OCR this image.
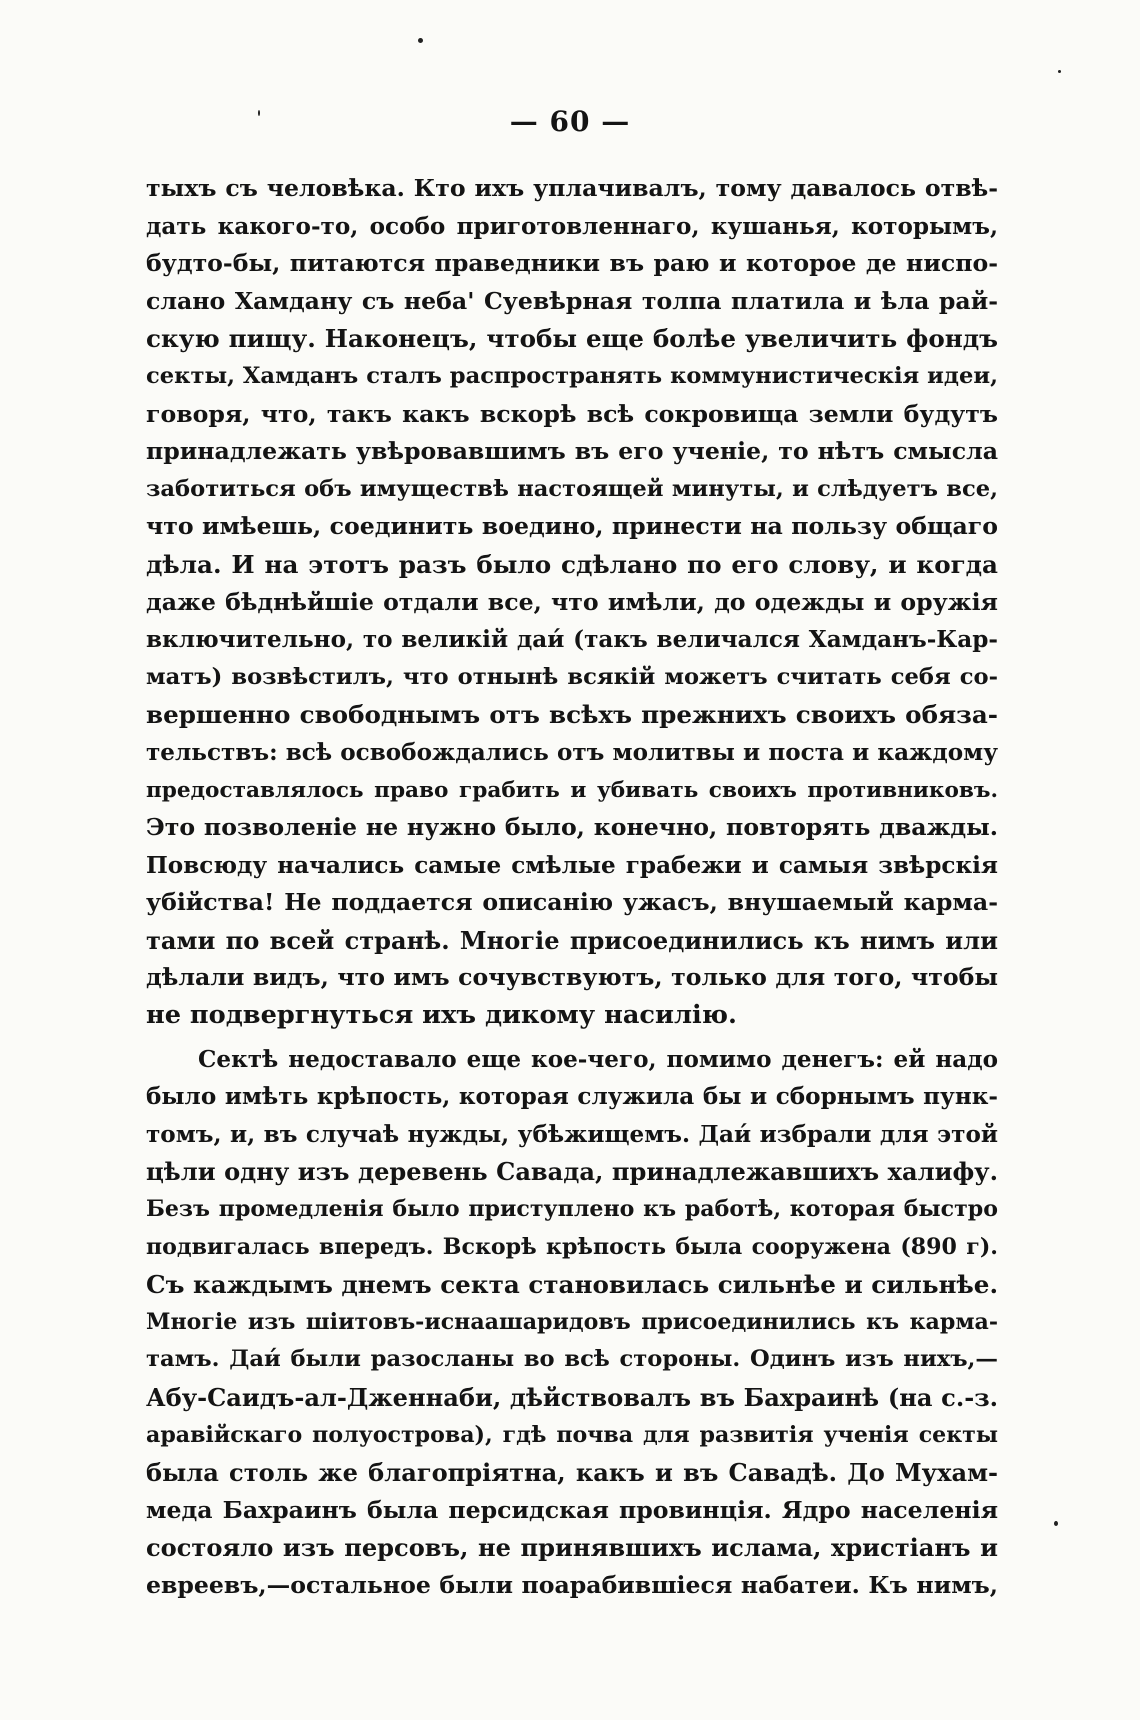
— 60 —
тыхъ съ человѣка. Кто ихъ уплачивалъ, тому давалось отвѣ-
дать какого-то, особо приготовленнаго, кушанья, которымъ,
будто-бы, питаются праведники въ раю и которое де ниспо-
слано Хамдану съ неба' Суевѣрная толпа платила и ѣла рай-
скую пищу. Наконецъ, чтобы еще болѣе увеличить фондъ
секты, Хамданъ сталъ распространять коммунистическія идеи,
говоря, что, такъ какъ вскорѣ всѣ сокровища земли будутъ
принадлежать увѣровавшимъ въ его ученіе, то нѣтъ смысла
заботиться объ имуществѣ настоящей минуты, и слѣдуетъ все,
что имѣешь, соединить воедино, принести на пользу общаго
дѣла. И на этотъ разъ было сдѣлано по его слову, и когда
даже бѣднѣйшіе отдали все, что имѣли, до одежды и оружія
включительно, то великій даи́ (такъ величался Хамданъ-Кар-
матъ) возвѣстилъ, что отнынѣ всякій можетъ считать себя со-
вершенно свободнымъ отъ всѣхъ прежнихъ своихъ обяза-
тельствъ: всѣ освобождались отъ молитвы и поста и каждому
предоставлялось право грабить и убивать своихъ противниковъ.
Это позволеніе не нужно было, конечно, повторять дважды.
Повсюду начались самые смѣлые грабежи и самыя звѣрскія
убійства! Не поддается описанію ужасъ, внушаемый карма-
тами по всей странѣ. Многіе присоединились къ нимъ или
дѣлали видъ, что имъ сочувствуютъ, только для того, чтобы
не подвергнуться ихъ дикому насилію.
Сектѣ недоставало еще кое-чего, помимо денегъ: ей надо
было имѣть крѣпость, которая служила бы и сборнымъ пунк-
томъ, и, въ случаѣ нужды, убѣжищемъ. Даи́ избрали для этой
цѣли одну изъ деревень Савада, принадлежавшихъ халифу.
Безъ промедленія было приступлено къ работѣ, которая быстро
подвигалась впередъ. Вскорѣ крѣпость была сооружена (890 г).
Съ каждымъ днемъ секта становилась сильнѣе и сильнѣе.
Многіе изъ шіитовъ-иснаашаридовъ присоединились къ карма-
тамъ. Даи́ были разосланы во всѣ стороны. Одинъ изъ нихъ,—
Абу-Саидъ-ал-Дженнаби, дѣйствовалъ въ Бахраинѣ (на с.-з.
аравійскаго полуострова), гдѣ почва для развитія ученія секты
была столь же благопріятна, какъ и въ Савадѣ. До Мухам-
меда Бахраинъ была персидская провинція. Ядро населенія
состояло изъ персовъ, не принявшихъ ислама, христіанъ и
евреевъ,—остальное были поарабившіеся набатеи. Къ нимъ,
